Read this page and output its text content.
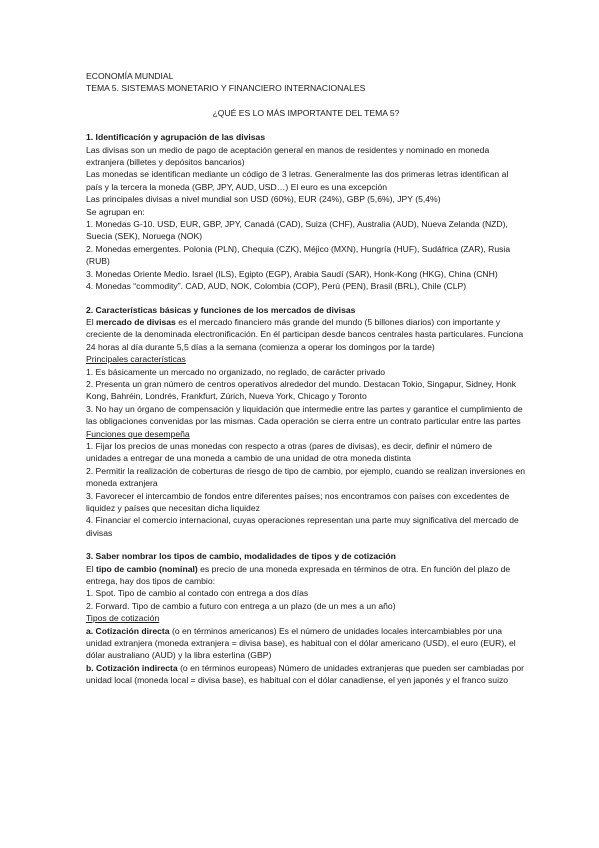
ECONOMÍA MUNDIAL

TEMA 5. SISTEMAS MONETARIO Y FINANCIERO INTERNACIONALES

¿QUÉ ES LO MÁS IMPORTANTE DEL TEMA 5?

1. Identificación y agrupación de las divisas

Las divisas son un medio de pago de aceptación general en manos de residentes y nominado en moneda extranjera (billetes y depósitos bancarios)

Las monedas se identifican mediante un código de 3 letras. Generalmente las dos primeras letras identifican al país y la tercera la moneda (GBP, JPY, AUD, USD…) El euro es una excepción

Las principales divisas a nivel mundial son USD (60%), EUR (24%), GBP (5,6%), JPY (5,4%)

Se agrupan en:

1. Monedas G-10. USD, EUR, GBP, JPY, Canadá (CAD), Suiza (CHF), Australia (AUD), Nueva Zelanda (NZD), Suecia (SEK), Noruega (NOK)

2. Monedas emergentes. Polonia (PLN), Chequia (CZK), Méjico (MXN), Hungría (HUF), Sudáfrica (ZAR), Rusia (RUB)

3. Monedas Oriente Medio. Israel (ILS), Egipto (EGP), Arabia Saudí (SAR), Honk-Kong (HKG), China (CNH)

4. Monedas “commodity”. CAD, AUD, NOK, Colombia (COP), Perú (PEN), Brasil (BRL), Chile (CLP)

2. Características básicas y funciones de los mercados de divisas

El mercado de divisas es el mercado financiero más grande del mundo (5 billones diarios) con importante y creciente de la denominada electronificación. En él participan desde bancos centrales hasta particulares. Funciona 24 horas al día durante 5,5 días a la semana (comienza a operar los domingos por la tarde)

Principales características

1. Es básicamente un mercado no organizado, no reglado, de carácter privado

2. Presenta un gran número de centros operativos alrededor del mundo. Destacan Tokio, Singapur, Sidney, Honk Kong, Bahréin, Londrés, Frankfurt, Zúrich, Nueva York, Chicago y Toronto

3. No hay un órgano de compensación y liquidación que intermedie entre las partes y garantice el cumplimiento de las obligaciones convenidas por las mismas. Cada operación se cierra entre un contrato particular entre las partes

Funciones que desempeña

1. Fijar los precios de unas monedas con respecto a otras (pares de divisas), es decir, definir el número de unidades a entregar de una moneda a cambio de una unidad de otra moneda distinta

2. Permitir la realización de coberturas de riesgo de tipo de cambio, por ejemplo, cuando se realizan inversiones en moneda extranjera

3. Favorecer el intercambio de fondos entre diferentes países; nos encontramos con países con excedentes de liquidez y países que necesitan dicha liquidez

4. Financiar el comercio internacional, cuyas operaciones representan una parte muy significativa del mercado de divisas

3. Saber nombrar los tipos de cambio, modalidades de tipos y de cotización

El tipo de cambio (nominal) es precio de una moneda expresada en términos de otra. En función del plazo de entrega, hay dos tipos de cambio:

1. Spot. Tipo de cambio al contado con entrega a dos días

2. Forward. Tipo de cambio a futuro con entrega a un plazo (de un mes a un año)

Tipos de cotización

a. Cotización directa (o en términos americanos) Es el número de unidades locales intercambiables por una unidad extranjera (moneda extranjera = divisa base), es habitual con el dólar americano (USD), el euro (EUR), el dólar australiano (AUD) y la libra esterlina (GBP)

b. Cotización indirecta (o en términos europeas) Número de unidades extranjeras que pueden ser cambiadas por unidad local (moneda local = divisa base), es habitual con el dólar canadiense, el yen japonés y el franco suizo
